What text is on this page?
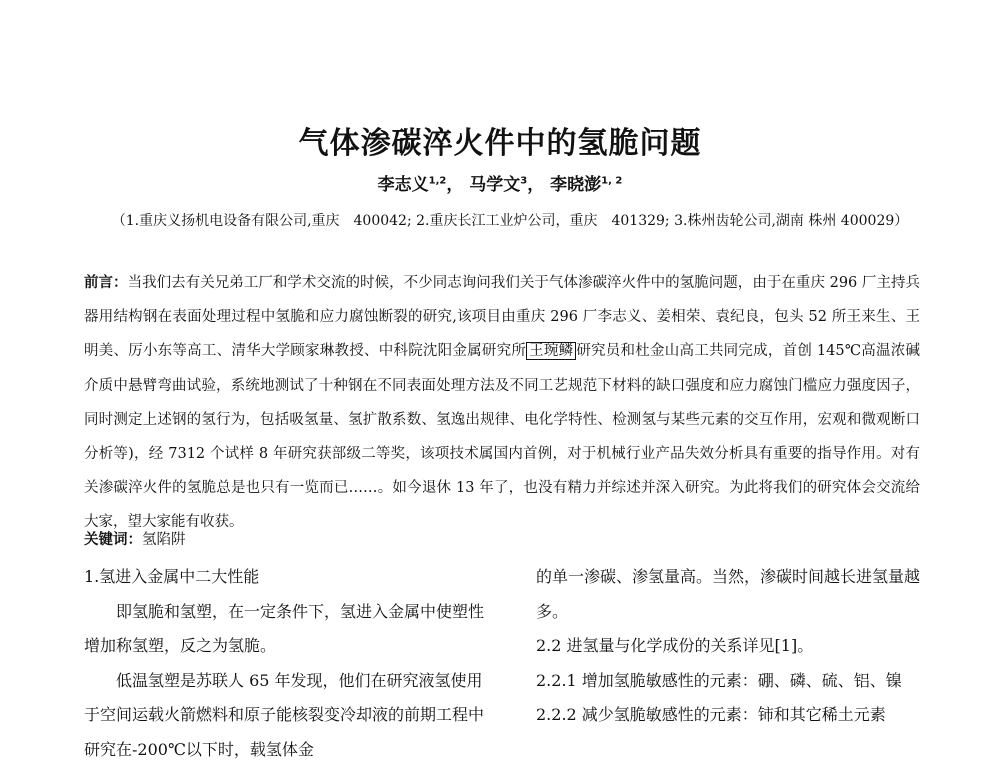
气体渗碳淬火件中的氢脆问题
李志义$^{1,2}$， 马学文$^3$， 李晓澎$^{1, 2}$
（1.重庆义扬机电设备有限公司,重庆　400042; 2.重庆长江工业炉公司，重庆　401329; 3.株州齿轮公司,湖南 株州 400029）
前言：当我们去有关兄弟工厂和学术交流的时候，不少同志询问我们关于气体渗碳淬火件中的氢脆问题，由于在重庆 296 厂主持兵器用结构钢在表面处理过程中氢脆和应力腐蚀断裂的研究,该项目由重庆 296 厂李志义、姜相荣、袁纪良，包头 52 所王来生、王明美、厉小东等高工、清华大学顾家琳教授、中科院沈阳金属研究所 王琬鳞 研究员和杜金山高工共同完成，首创 145℃高温浓碱介质中悬臂弯曲试验，系统地测试了十种钢在不同表面处理方法及不同工艺规范下材料的缺口强度和应力腐蚀门槛应力强度因子，同时测定上述钢的氢行为，包括吸氢量、氢扩散系数、氢逸出规律、电化学特性、检测氢与某些元素的交互作用，宏观和微观断口分析等)，经 7312 个试样 8 年研究获部级二等奖，该项技术属国内首例，对于机械行业产品失效分析具有重要的指导作用。对有关渗碳淬火件的氢脆总是也只有一览而已……。如今退休 13 年了，也没有精力并综述并深入研究。为此将我们的研究体会交流给大家，望大家能有收获。
关键词：氢陷阱

1.氢进入金属中二大性能

即氢脆和氢塑，在一定条件下，氢进入金属中使塑性增加称氢塑，反之为氢脆。

低温氢塑是苏联人 65 年发现，他们在研究液氢使用于空间运载火箭燃料和原子能核裂变冷却液的前期工程中研究在-200℃以下时，载氢体金

的单一渗碳、渗氢量高。当然，渗碳时间越长进氢量越多。

2.2 进氢量与化学成份的关系详见[1]。

2.2.1 增加氢脆敏感性的元素：硼、磷、硫、铝、镍

2.2.2 减少氢脆敏感性的元素：铈和其它稀土元素
